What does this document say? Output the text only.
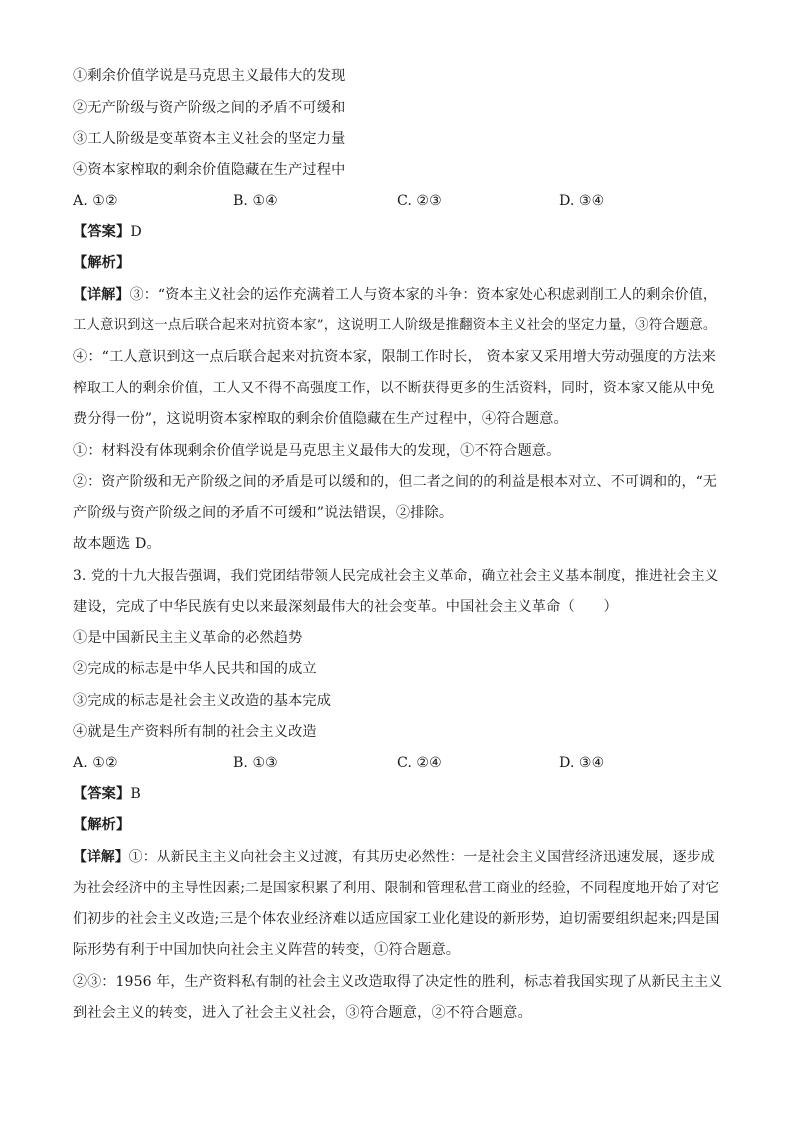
①剩余价值学说是马克思主义最伟大的发现
②无产阶级与资产阶级之间的矛盾不可缓和
③工人阶级是变革资本主义社会的坚定力量
④资本家榨取的剩余价值隐藏在生产过程中
A. ①②	B. ①④	C. ②③	D. ③④
【答案】D
【解析】
【详解】③：“资本主义社会的运作充满着工人与资本家的斗争：资本家处心积虑剥削工人的剩余价值，
工人意识到这一点后联合起来对抗资本家”，这说明工人阶级是推翻资本主义社会的坚定力量，③符合题意。
④：“工人意识到这一点后联合起来对抗资本家，限制工作时长， 资本家又采用增大劳动强度的方法来
榨取工人的剩余价值，工人又不得不高强度工作，以不断获得更多的生活资料，同时，资本家又能从中免
费分得一份”，这说明资本家榨取的剩余价值隐藏在生产过程中，④符合题意。
①：材料没有体现剩余价值学说是马克思主义最伟大的发现，①不符合题意。
②：资产阶级和无产阶级之间的矛盾是可以缓和的，但二者之间的的利益是根本对立、不可调和的，“无
产阶级与资产阶级之间的矛盾不可缓和”说法错误，②排除。
故本题选 D。
3. 党的十九大报告强调，我们党团结带领人民完成社会主义革命，确立社会主义基本制度，推进社会主义
建设，完成了中华民族有史以来最深刻最伟大的社会变革。中国社会主义革命（　　）
①是中国新民主主义革命的必然趋势
②完成的标志是中华人民共和国的成立
③完成的标志是社会主义改造的基本完成
④就是生产资料所有制的社会主义改造
A. ①②	B. ①③	C. ②④	D. ③④
【答案】B
【解析】
【详解】①：从新民主主义向社会主义过渡，有其历史必然性：一是社会主义国营经济迅速发展，逐步成
为社会经济中的主导性因素;二是国家积累了利用、限制和管理私营工商业的经验，不同程度地开始了对它
们初步的社会主义改造;三是个体农业经济难以适应国家工业化建设的新形势，迫切需要组织起来;四是国
际形势有利于中国加快向社会主义阵营的转变，①符合题意。
②③：1956 年，生产资料私有制的社会主义改造取得了决定性的胜利，标志着我国实现了从新民主主义
到社会主义的转变，进入了社会主义社会，③符合题意，②不符合题意。
